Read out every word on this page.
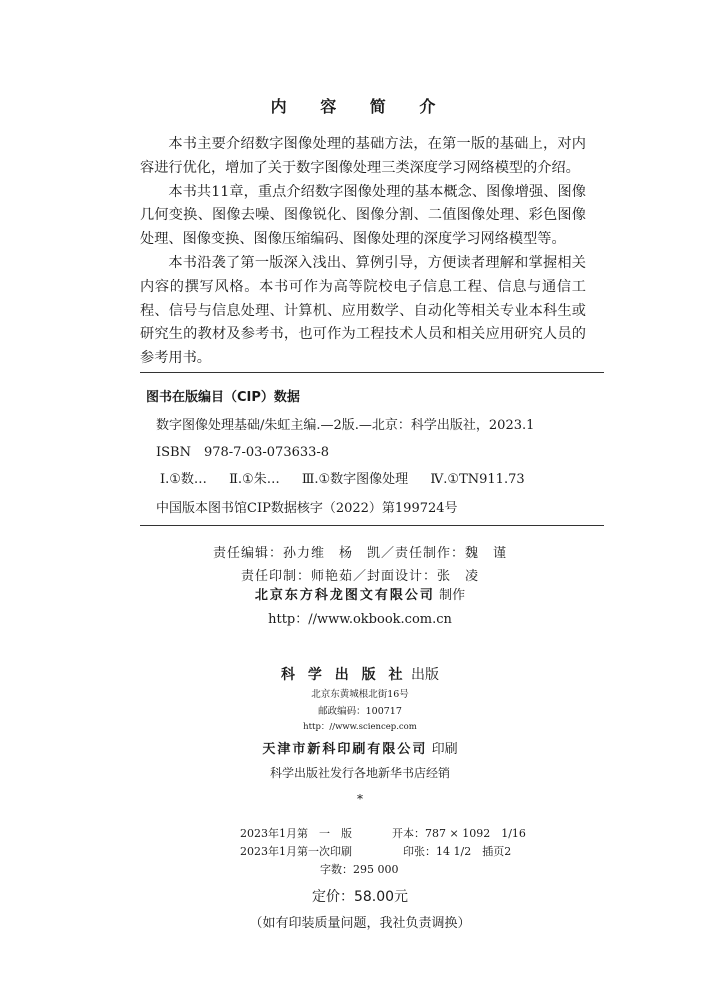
内 容 简 介

本书主要介绍数字图像处理的基础方法，在第一版的基础上，对内容进行优化，增加了关于数字图像处理三类深度学习网络模型的介绍。

本书共11章，重点介绍数字图像处理的基本概念、图像增强、图像几何变换、图像去噪、图像锐化、图像分割、二值图像处理、彩色图像处理、图像变换、图像压缩编码、图像处理的深度学习网络模型等。

本书沿袭了第一版深入浅出、算例引导，方便读者理解和掌握相关内容的撰写风格。本书可作为高等院校电子信息工程、信息与通信工程、信号与信息处理、计算机、应用数学、自动化等相关专业本科生或研究生的教材及参考书，也可作为工程技术人员和相关应用研究人员的参考用书。

图书在版编目（CIP）数据
数字图像处理基础/朱虹主编.—2版.—北京：科学出版社，2023.1
ISBN　978-7-03-073633-8
Ⅰ.①数… Ⅱ.①朱… Ⅲ.①数字图像处理 Ⅳ.①TN911.73
中国版本图书馆CIP数据核字（2022）第199724号
责任编辑：孙力维　杨　凯／责任制作：魏　谨
责任印制：师艳茹／封面设计：张　凌
北京东方科龙图文有限公司 制作
http：//www.okbook.com.cn
科 学 出 版 社 出版
北京东黄城根北街16号
邮政编码：100717
http：//www.sciencep.com
天津市新科印刷有限公司 印刷
科学出版社发行各地新华书店经销
*
2023年1月第　一　版	开本：787 × 1092　1/16
2023年1月第一次印刷	印张：14 1/2　插页2
字数：295 000
定价：58.00元
（如有印装质量问题，我社负责调换）
